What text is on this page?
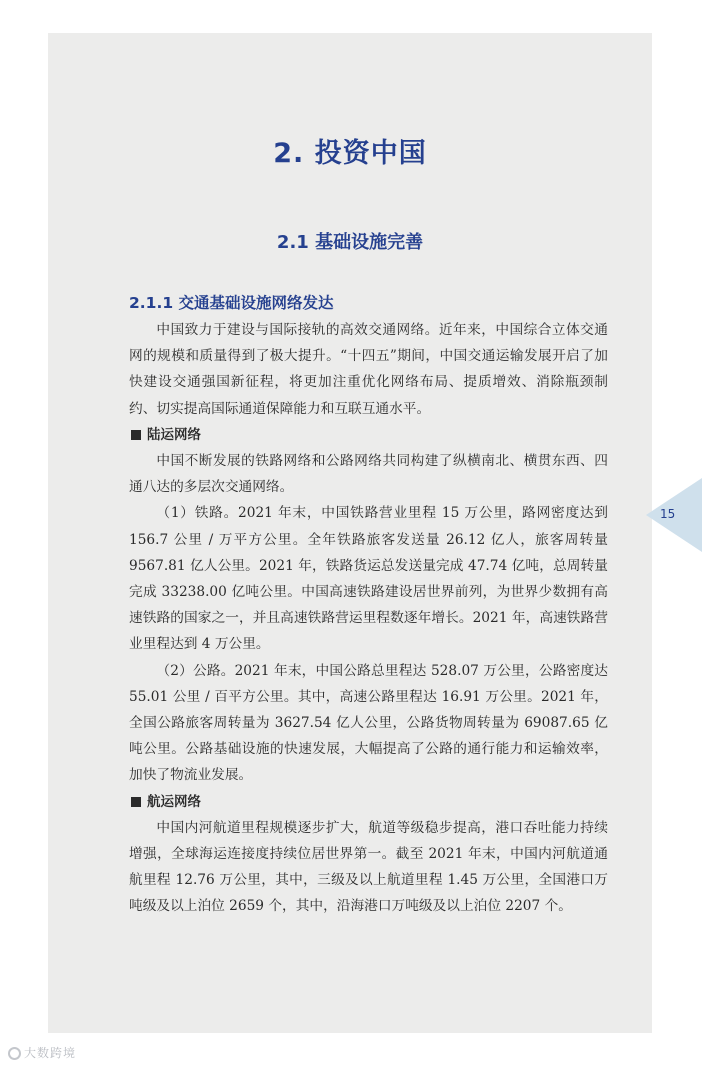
2. 投资中国
2.1 基础设施完善

2.1.1 交通基础设施网络发达

中国致力于建设与国际接轨的高效交通网络。近年来，中国综合立体交通网的规模和质量得到了极大提升。“十四五”期间，中国交通运输发展开启了加快建设交通强国新征程，将更加注重优化网络布局、提质增效、消除瓶颈制约、切实提高国际通道保障能力和互联互通水平。

陆运网络

中国不断发展的铁路网络和公路网络共同构建了纵横南北、横贯东西、四通八达的多层次交通网络。

（1）铁路。2021 年末，中国铁路营业里程 15 万公里，路网密度达到 156.7 公里 / 万平方公里。全年铁路旅客发送量 26.12 亿人，旅客周转量 9567.81 亿人公里。2021 年，铁路货运总发送量完成 47.74 亿吨，总周转量完成 33238.00 亿吨公里。中国高速铁路建设居世界前列，为世界少数拥有高速铁路的国家之一，并且高速铁路营运里程数逐年增长。2021 年，高速铁路营业里程达到 4 万公里。

（2）公路。2021 年末，中国公路总里程达 528.07 万公里，公路密度达 55.01 公里 / 百平方公里。其中，高速公路里程达 16.91 万公里。2021 年，全国公路旅客周转量为 3627.54 亿人公里，公路货物周转量为 69087.65 亿吨公里。公路基础设施的快速发展，大幅提高了公路的通行能力和运输效率，加快了物流业发展。

航运网络

中国内河航道里程规模逐步扩大，航道等级稳步提高，港口吞吐能力持续增强，全球海运连接度持续位居世界第一。截至 2021 年末，中国内河航道通航里程 12.76 万公里，其中，三级及以上航道里程 1.45 万公里，全国港口万吨级及以上泊位 2659 个，其中，沿海港口万吨级及以上泊位 2207 个。

15
大数跨境
